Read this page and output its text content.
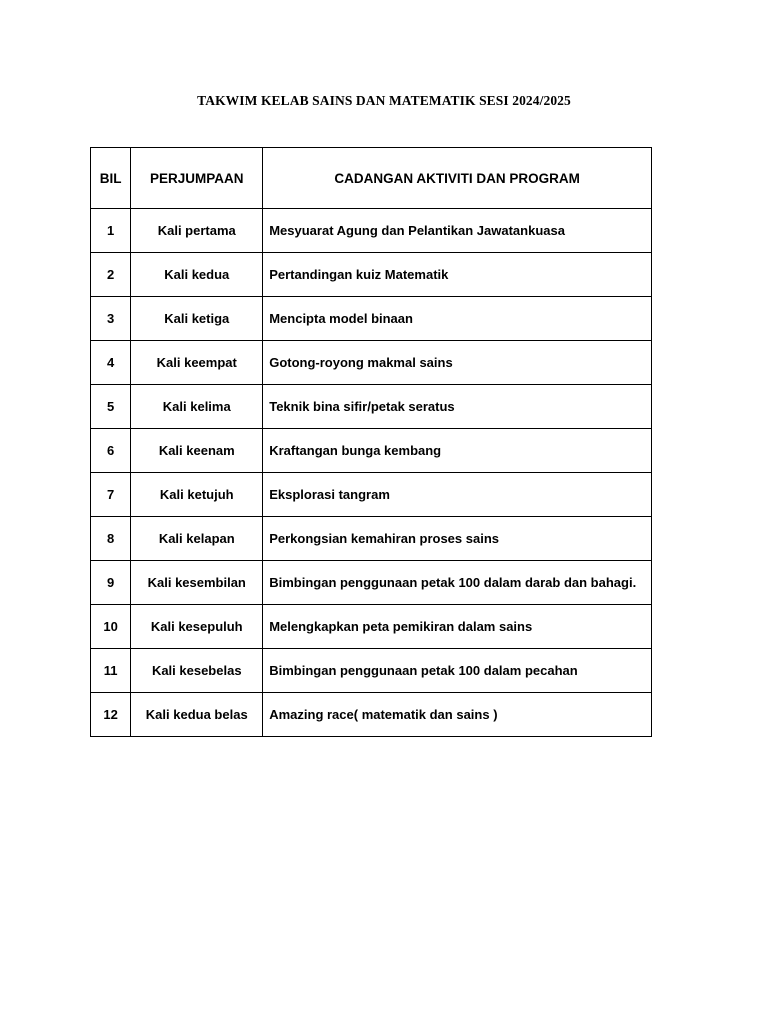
TAKWIM KELAB SAINS DAN MATEMATIK SESI 2024/2025
BIL	PERJUMPAAN	CADANGAN AKTIVITI DAN PROGRAM
1	Kali pertama	Mesyuarat Agung dan Pelantikan Jawatankuasa
2	Kali kedua	Pertandingan kuiz Matematik
3	Kali ketiga	Mencipta model binaan
4	Kali keempat	Gotong-royong makmal sains
5	Kali kelima	Teknik bina sifir/petak seratus
6	Kali keenam	Kraftangan bunga kembang
7	Kali ketujuh	Eksplorasi tangram
8	Kali kelapan	Perkongsian kemahiran proses sains
9	Kali kesembilan	Bimbingan penggunaan petak 100 dalam darab dan bahagi.
10	Kali kesepuluh	Melengkapkan peta pemikiran dalam sains
11	Kali kesebelas	Bimbingan penggunaan petak 100 dalam pecahan
12	Kali kedua belas	Amazing race( matematik dan sains )
